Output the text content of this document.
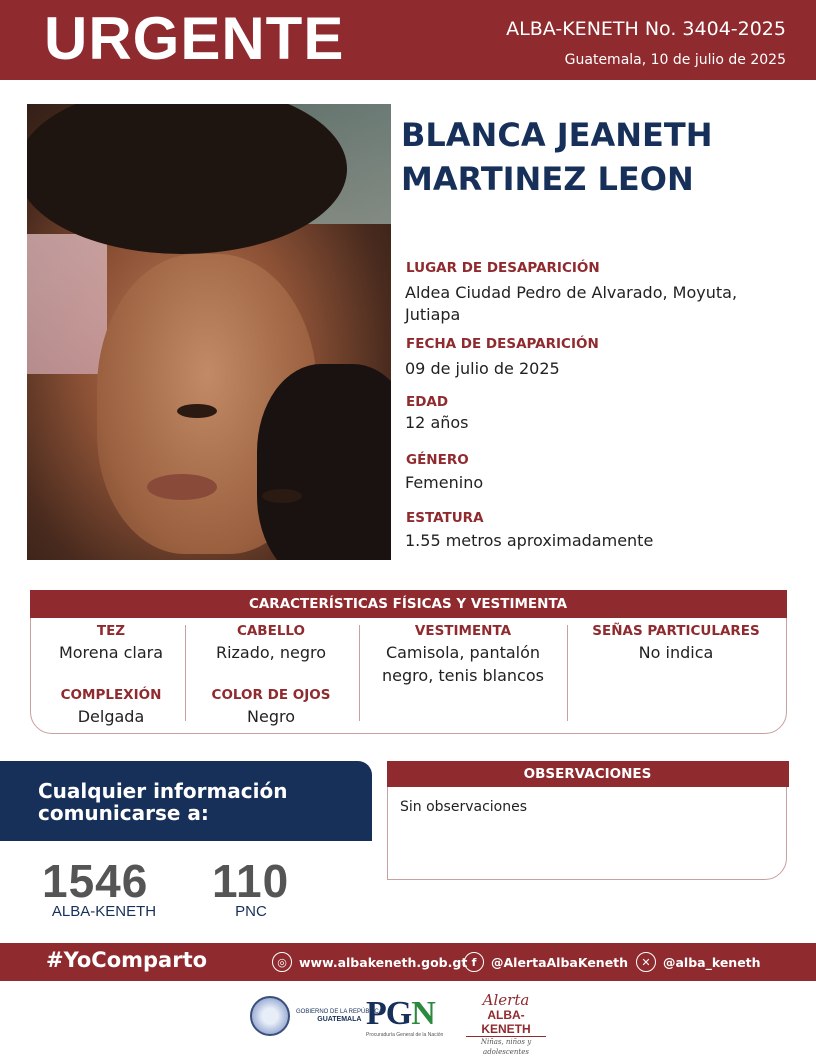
URGENTE	ALBA-KENETH No. 3404-2025
Guatemala, 10 de julio de 2025
BLANCA JEANETH MARTINEZ LEON
LUGAR DE DESAPARICIÓN
Aldea Ciudad Pedro de Alvarado, Moyuta, Jutiapa
FECHA DE DESAPARICIÓN
09 de julio de 2025
EDAD
12 años
GÉNERO
Femenino
ESTATURA
1.55 metros aproximadamente
CARACTERÍSTICAS FÍSICAS Y VESTIMENTA
TEZ
Morena clara
COMPLEXIÓN
Delgada
CABELLO
Rizado, negro
COLOR DE OJOS
Negro
VESTIMENTA
Camisola, pantalón negro, tenis blancos
SEÑAS PARTICULARES
No indica
Cualquier información comunicarse a:
1546
ALBA-KENETH
110
PNC
OBSERVACIONES
Sin observaciones
#YoComparto	◎ www.albakeneth.gob.gt f	@AlertaAlbaKeneth	✕ @alba_keneth
GOBIERNO DE LA REPÚBLICA
GUATEMALA PGN
Procuraduría General de la Nación
Alerta
ALBA-KENETH
Niñas, niños y adolescentes
